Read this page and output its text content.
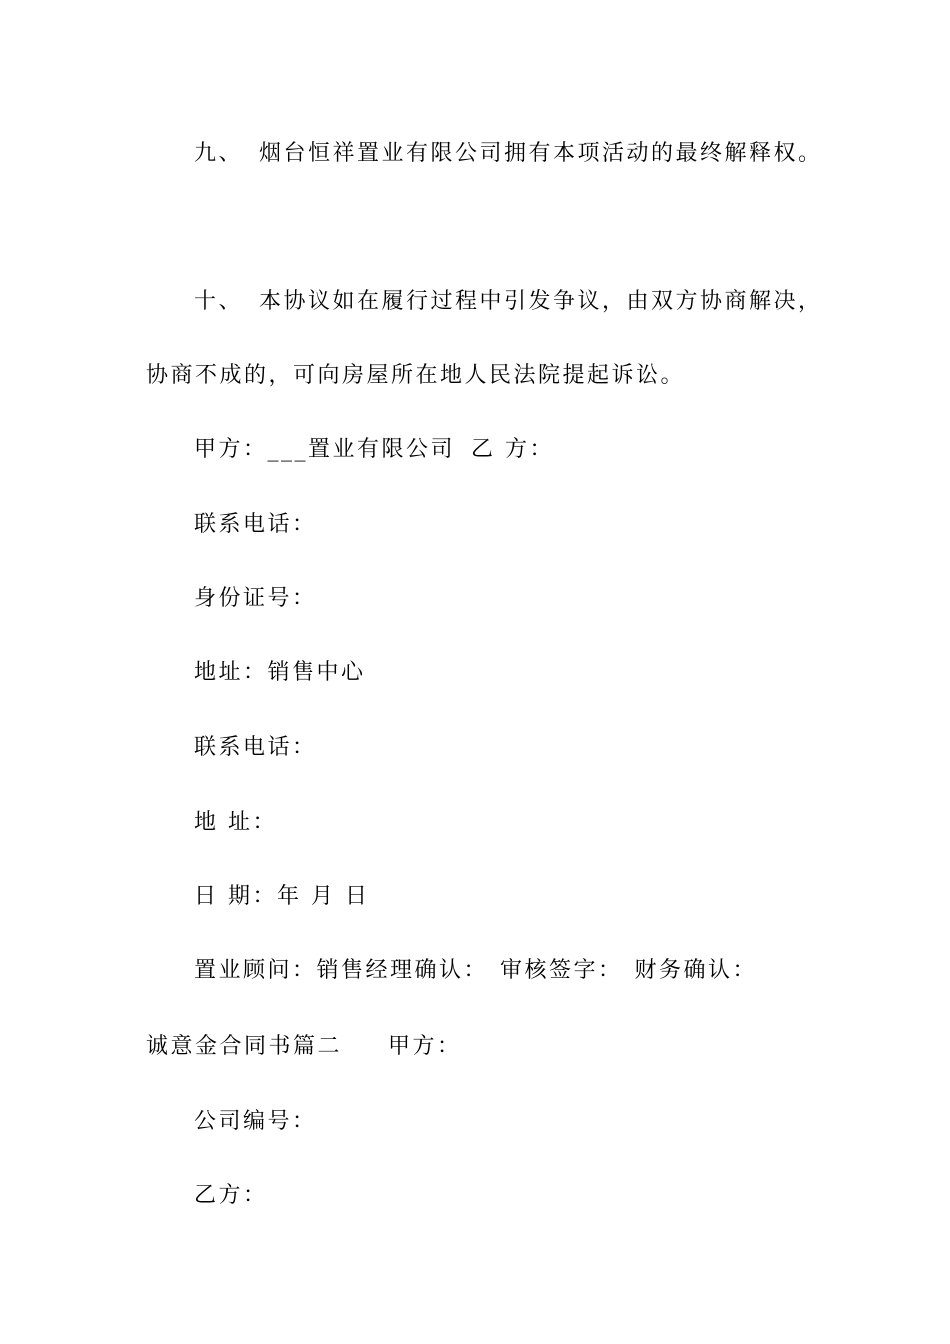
九、 烟台恒祥置业有限公司拥有本项活动的最终解释权。
十、 本协议如在履行过程中引发争议，由双方协商解决，
协商不成的，可向房屋所在地人民法院提起诉讼。
甲方：___置业有限公司 乙 方：
联系电话：
身份证号：
地址：销售中心
联系电话：
地 址：
日 期：年 月 日
置业顾问：销售经理确认： 审核签字： 财务确认：
诚意金合同书篇二 甲方：
公司编号：
乙方：
